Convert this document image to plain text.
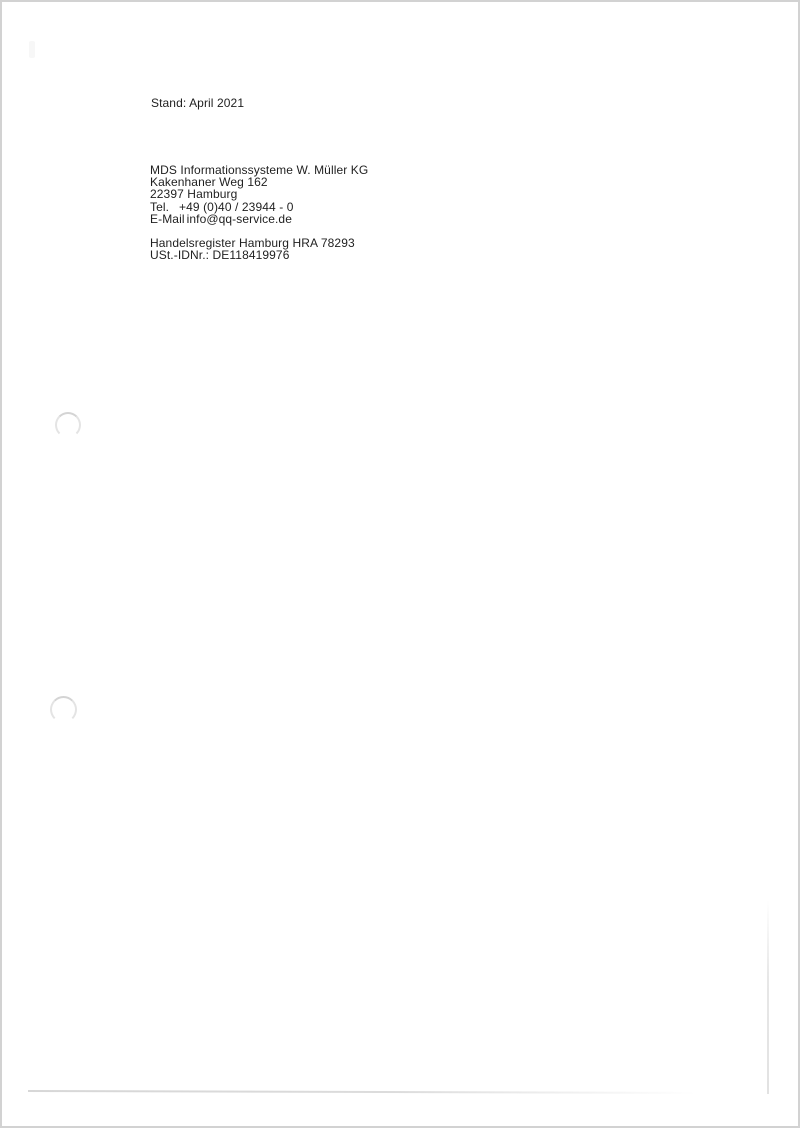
Stand: April 2021
MDS Informationssysteme W. Müller KG
Kakenhaner Weg 162
22397 Hamburg
Tel. +49 (0)40 / 23944 - 0
E-Mail info@qq-service.de
Handelsregister Hamburg HRA 78293
USt.-IDNr.: DE118419976
